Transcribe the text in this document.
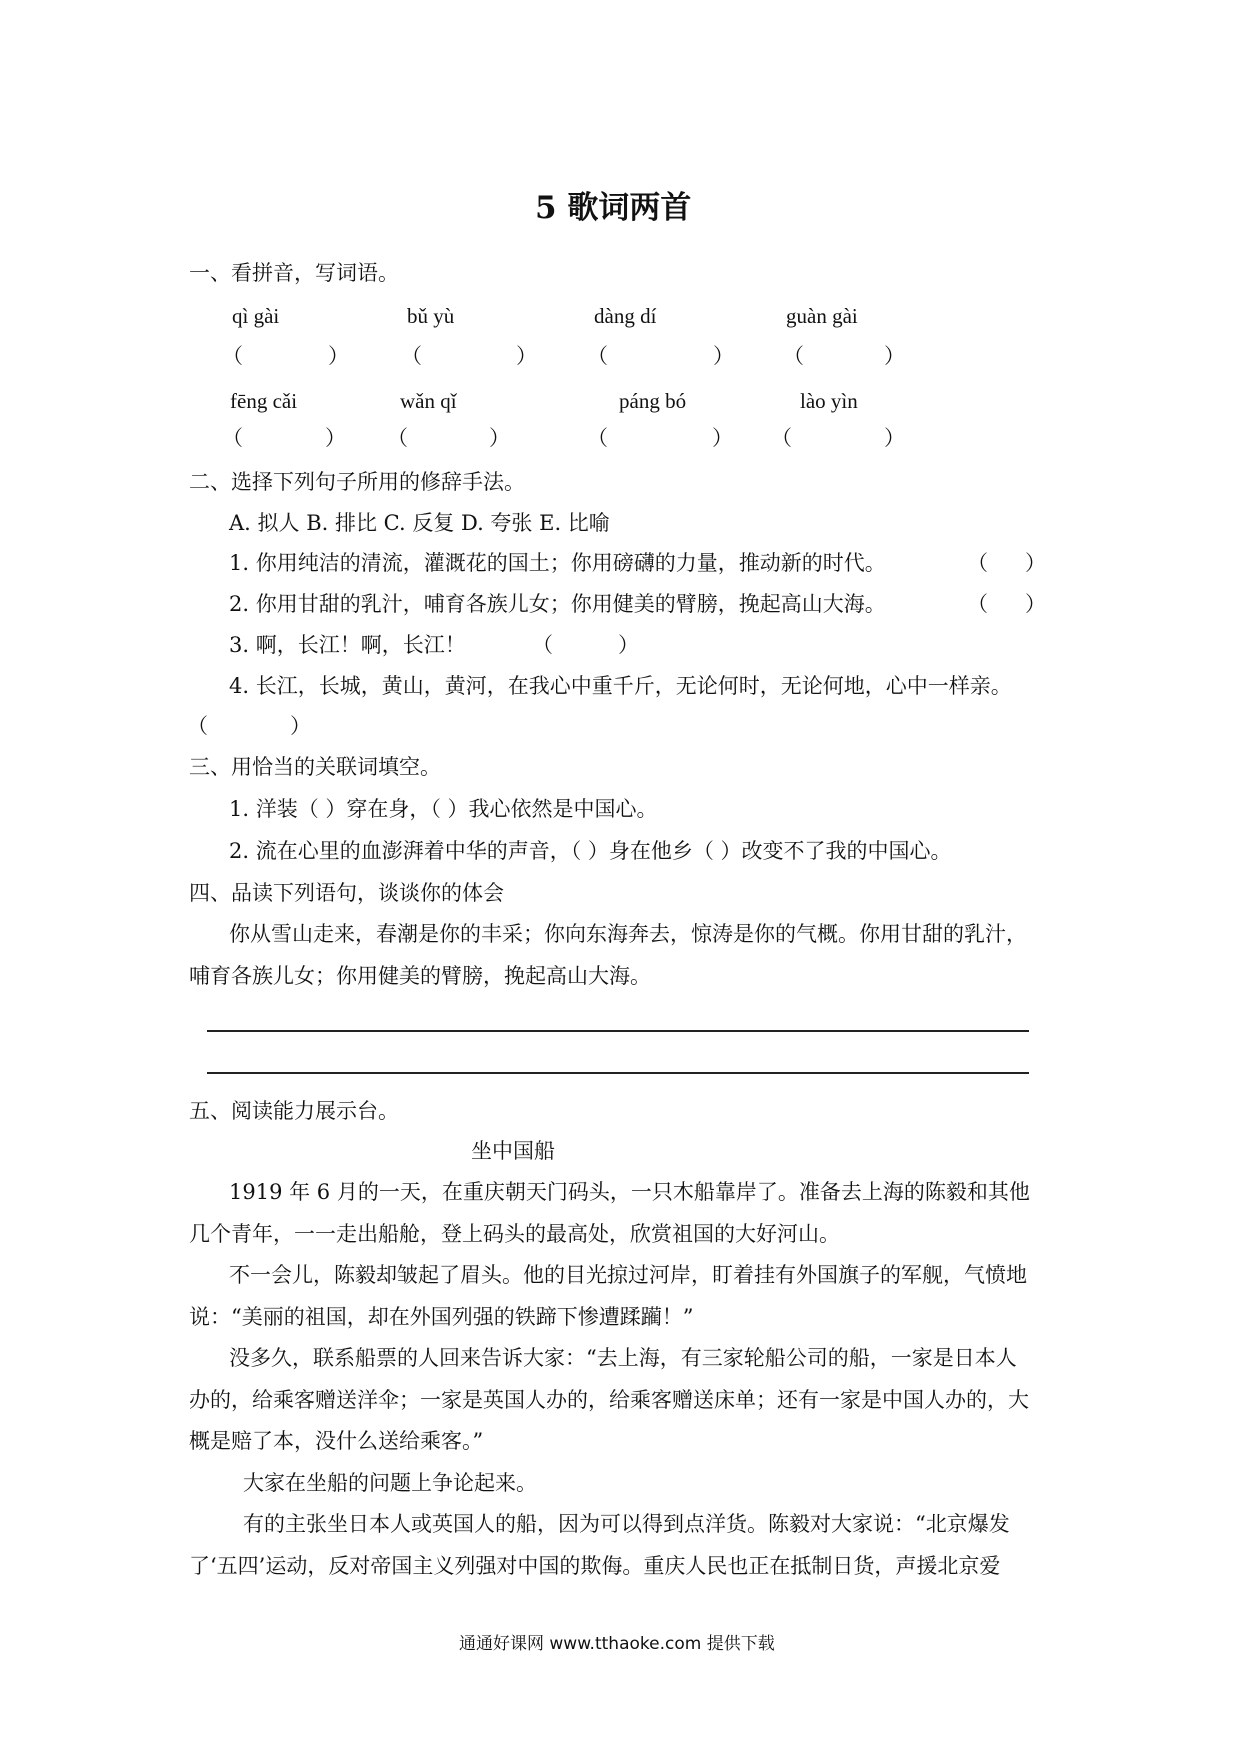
5 歌词两首
一、看拼音，写词语。
qì gài	bǔ yù	dàng dí	guàn gài
（	） （	） （	） （	）
fēng cǎi	wǎn qǐ	páng bó	lào yìn
（	） （	）	（	） （	）
二、选择下列句子所用的修辞手法。
A. 拟人 B. 排比 C. 反复 D. 夸张 E. 比喻
1. 你用纯洁的清流，灌溉花的国土；你用磅礴的力量，推动新的时代。	（ ）
2. 你用甘甜的乳汁，哺育各族儿女；你用健美的臂膀，挽起高山大海。	（ ）
3. 啊，长江！啊，长江！	（	）
4. 长江，长城，黄山，黄河，在我心中重千斤，无论何时，无论何地，心中一样亲。
（	）
三、用恰当的关联词填空。
1. 洋装（ ）穿在身，（ ）我心依然是中国心。
2. 流在心里的血澎湃着中华的声音，（ ）身在他乡（ ）改变不了我的中国心。
四、品读下列语句，谈谈你的体会
你从雪山走来，春潮是你的丰采；你向东海奔去，惊涛是你的气概。你用甘甜的乳汁，
哺育各族儿女；你用健美的臂膀，挽起高山大海。
五、阅读能力展示台。
坐中国船
1919 年 6 月的一天，在重庆朝天门码头，一只木船靠岸了。准备去上海的陈毅和其他
几个青年，一一走出船舱，登上码头的最高处，欣赏祖国的大好河山。
不一会儿，陈毅却皱起了眉头。他的目光掠过河岸，盯着挂有外国旗子的军舰，气愤地
说：“美丽的祖国，却在外国列强的铁蹄下惨遭蹂躏！”
没多久，联系船票的人回来告诉大家：“去上海，有三家轮船公司的船，一家是日本人
办的，给乘客赠送洋伞；一家是英国人办的，给乘客赠送床单；还有一家是中国人办的，大
概是赔了本，没什么送给乘客。”
大家在坐船的问题上争论起来。
有的主张坐日本人或英国人的船，因为可以得到点洋货。陈毅对大家说：“北京爆发
了‘五四’运动，反对帝国主义列强对中国的欺侮。重庆人民也正在抵制日货，声援北京爱
通通好课网 www.tthaoke.com 提供下载
